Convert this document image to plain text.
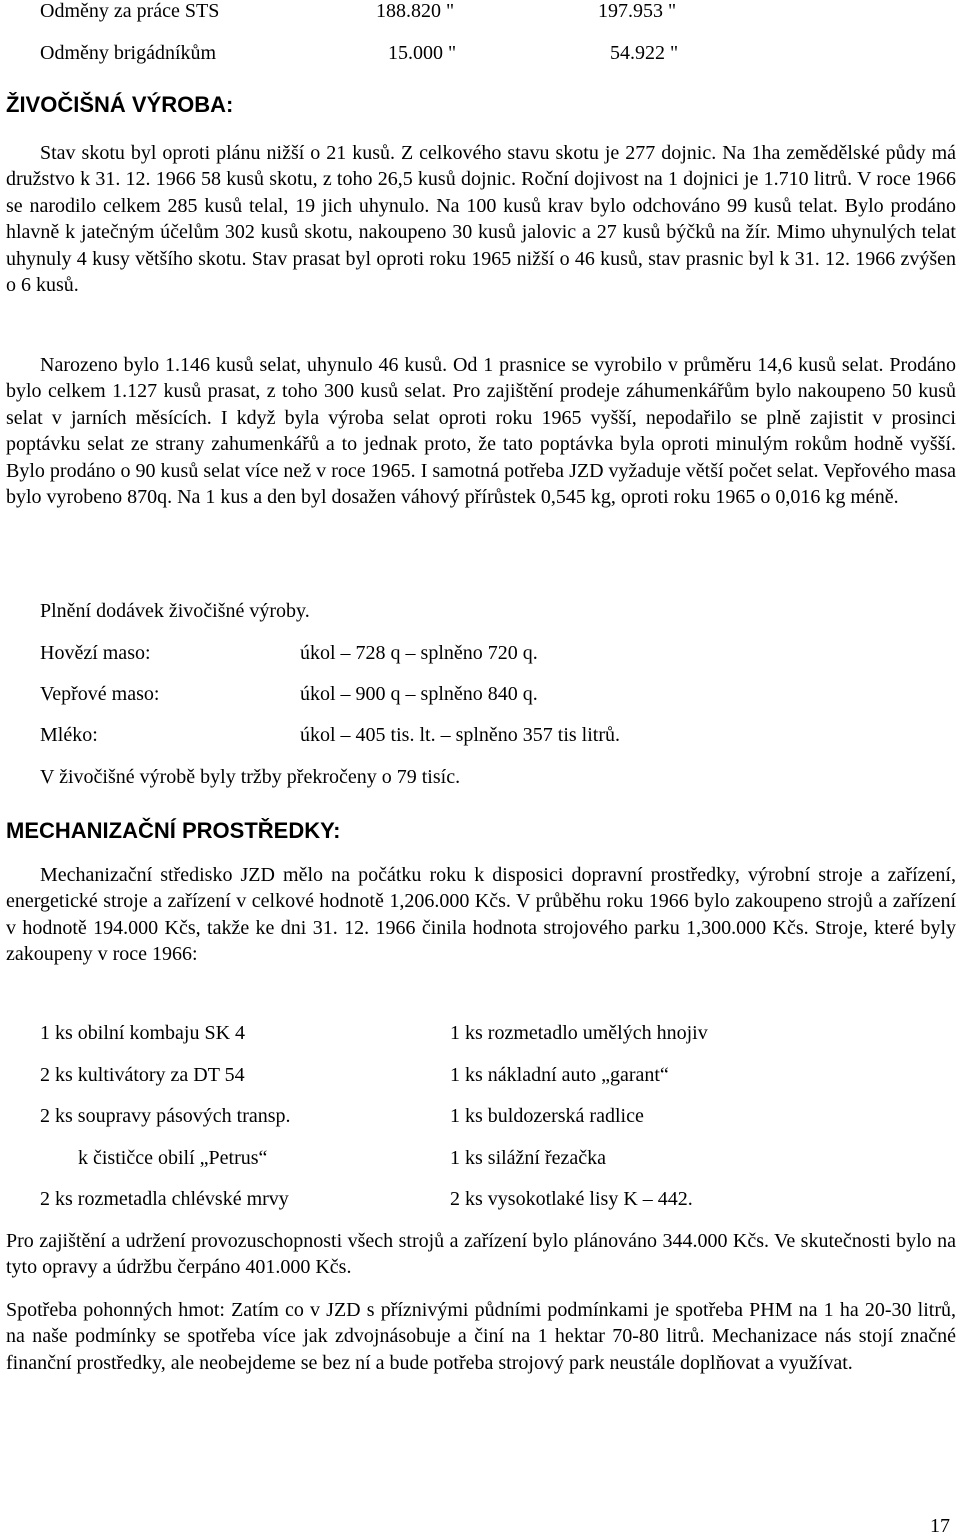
Odměny za práce STS	188.820 "	197.953 "
Odměny brigádníkům	15.000 "	54.922 "
ŽIVOČIŠNÁ VÝROBA:

Stav skotu byl oproti plánu nižší o 21 kusů. Z celkového stavu skotu je 277 dojnic. Na 1ha zemědělské půdy má družstvo k 31. 12. 1966 58 kusů skotu, z toho 26,5 kusů dojnic. Roční dojivost na 1 dojnici je 1.710 litrů. V roce 1966 se narodilo celkem 285 kusů telal, 19 jich uhynulo. Na 100 kusů krav bylo odchováno 99 kusů telat. Bylo prodáno hlavně k jatečným účelům 302 kusů skotu, nakoupeno 30 kusů jalovic a 27 kusů býčků na žír. Mimo uhynulých telat uhynuly 4 kusy většího skotu. Stav prasat byl oproti roku 1965 nižší o 46 kusů, stav prasnic byl k 31. 12. 1966 zvýšen o 6 kusů.

Narozeno bylo 1.146 kusů selat, uhynulo 46 kusů. Od 1 prasnice se vyrobilo v průměru 14,6 kusů selat. Prodáno bylo celkem 1.127 kusů prasat, z toho 300 kusů selat. Pro zajištění prodeje záhumenkářům bylo nakoupeno 50 kusů selat v jarních měsících. I když byla výroba selat oproti roku 1965 vyšší, nepodařilo se plně zajistit v prosinci poptávku selat ze strany zahumenkářů a to jednak proto, že tato poptávka byla oproti minulým rokům hodně vyšší. Bylo prodáno o 90 kusů selat více než v roce 1965. I samotná potřeba JZD vyžaduje větší počet selat. Vepřového masa bylo vyrobeno 870q. Na 1 kus a den byl dosažen váhový přírůstek 0,545 kg, oproti roku 1965 o 0,016 kg méně.

Plnění dodávek živočišné výroby.
Hovězí maso:	úkol – 728 q – splněno 720 q.
Vepřové maso:	úkol – 900 q – splněno 840 q.
Mléko:	úkol – 405 tis. lt. – splněno 357 tis litrů.
V živočišné výrobě byly tržby překročeny o 79 tisíc.
MECHANIZAČNÍ PROSTŘEDKY:

Mechanizační středisko JZD mělo na počátku roku k disposici dopravní prostředky, výrobní stroje a zařízení, energetické stroje a zařízení v celkové hodnotě 1,206.000 Kčs. V průběhu roku 1966 bylo zakoupeno strojů a zařízení v hodnotě 194.000 Kčs, takže ke dni 31. 12. 1966 činila hodnota strojového parku 1,300.000 Kčs. Stroje, které byly zakoupeny v roce 1966:

1 ks obilní kombaju SK 4	1 ks rozmetadlo umělých hnojiv
2 ks kultivátory za DT 54	1 ks nákladní auto „garant“
2 ks soupravy pásových transp.	1 ks buldozerská radlice
k čističce obilí „Petrus“	1 ks silážní řezačka
2 ks rozmetadla chlévské mrvy	2 ks vysokotlaké lisy K – 442.

Pro zajištění a udržení provozuschopnosti všech strojů a zařízení bylo plánováno 344.000 Kčs. Ve skutečnosti bylo na tyto opravy a údržbu čerpáno 401.000 Kčs.

Spotřeba pohonných hmot: Zatím co v JZD s příznivými půdními podmínkami je spotřeba PHM na 1 ha 20-30 litrů, na naše podmínky se spotřeba více jak zdvojnásobuje a činí na 1 hektar 70-80 litrů. Mechanizace nás stojí značné finanční prostředky, ale neobejdeme se bez ní a bude potřeba strojový park neustále doplňovat a využívat.

17
